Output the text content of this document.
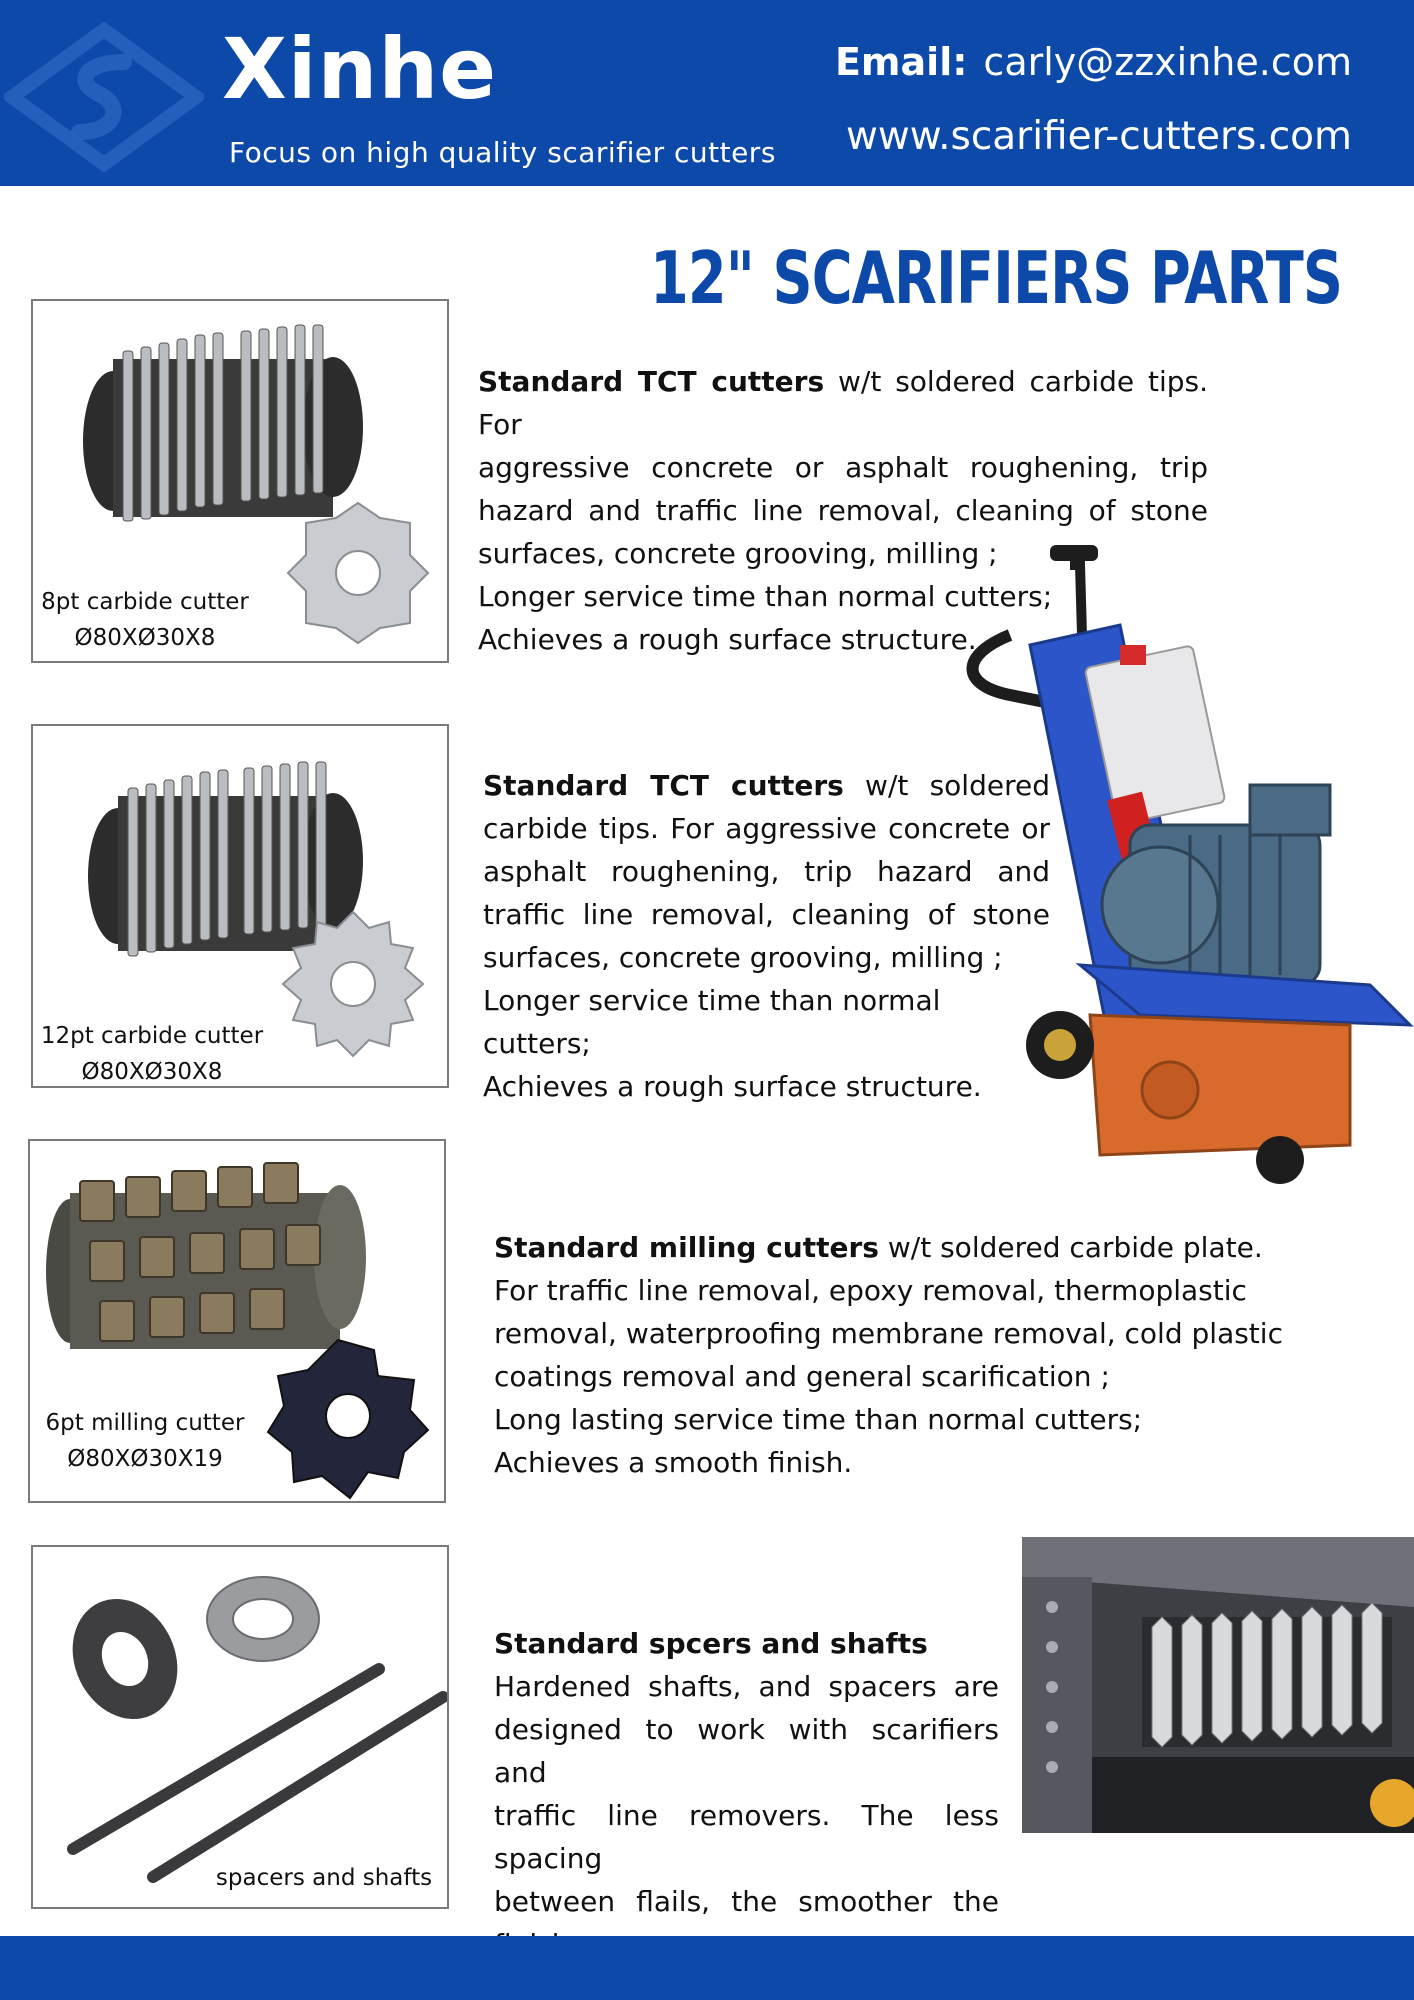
Xinhe
Focus on high quality scarifier cutters
Email: carly@zzxinhe.com
www.scarifier-cutters.com
12" SCARIFIERS PARTS
8pt carbide cutter
Ø80XØ30X8
Standard TCT cutters w/t soldered carbide tips. For
aggressive concrete or asphalt roughening, trip
hazard and traffic line removal, cleaning of stone
surfaces, concrete grooving, milling ;
Longer service time than normal cutters;
Achieves a rough surface structure.
12pt carbide cutter
Ø80XØ30X8
Standard TCT cutters w/t soldered
carbide tips. For aggressive concrete or
asphalt roughening, trip hazard and
traffic line removal, cleaning of stone
surfaces, concrete grooving, milling ;
Longer service time than normal cutters;
Achieves a rough surface structure.
6pt milling cutter
Ø80XØ30X19
Standard milling cutters w/t soldered carbide plate.
For traffic line removal, epoxy removal, thermoplastic
removal, waterproofing membrane removal, cold plastic
coatings removal and general scarification ;
Long lasting service time than normal cutters;
Achieves a smooth finish.
spacers and shafts
Standard spcers and shafts
Hardened shafts, and spacers are
designed to work with scarifiers and
traffic line removers. The less spacing
between flails, the smoother the
